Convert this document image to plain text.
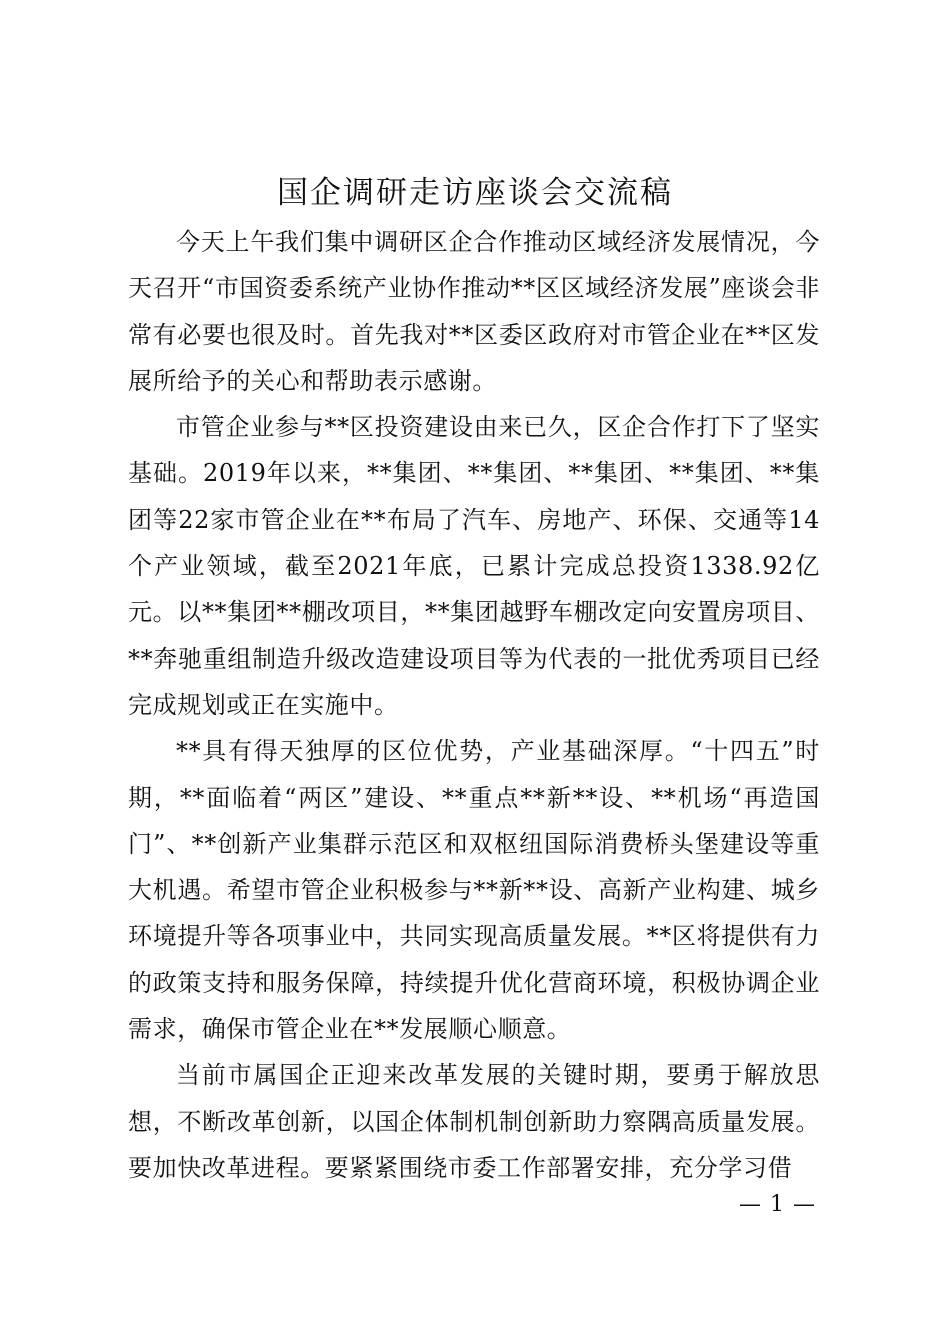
国企调研走访座谈会交流稿

今天上午我们集中调研区企合作推动区域经济发展情况，今天召开“市国资委系统产业协作推动**区区域经济发展”座谈会非常有必要也很及时。首先我对**区委区政府对市管企业在**区发展所给予的关心和帮助表示感谢。

市管企业参与**区投资建设由来已久，区企合作打下了坚实基础。2019年以来，**集团、**集团、**集团、**集团、**集团等22家市管企业在**布局了汽车、房地产、环保、交通等14个产业领域，截至2021年底，已累计完成总投资1338.92亿元。以**集团**棚改项目，**集团越野车棚改定向安置房项目、**奔驰重组制造升级改造建设项目等为代表的一批优秀项目已经完成规划或正在实施中。

**具有得天独厚的区位优势，产业基础深厚。“十四五”时期，**面临着“两区”建设、**重点**新**设、**机场“再造国门”、**创新产业集群示范区和双枢纽国际消费桥头堡建设等重大机遇。希望市管企业积极参与**新**设、高新产业构建、城乡环境提升等各项事业中，共同实现高质量发展。**区将提供有力的政策支持和服务保障，持续提升优化营商环境，积极协调企业需求，确保市管企业在**发展顺心顺意。

当前市属国企正迎来改革发展的关键时期，要勇于解放思想，不断改革创新，以国企体制机制创新助力察隅高质量发展。要加快改革进程。要紧紧围绕市委工作部署安排，充分学习借

— 1 —
